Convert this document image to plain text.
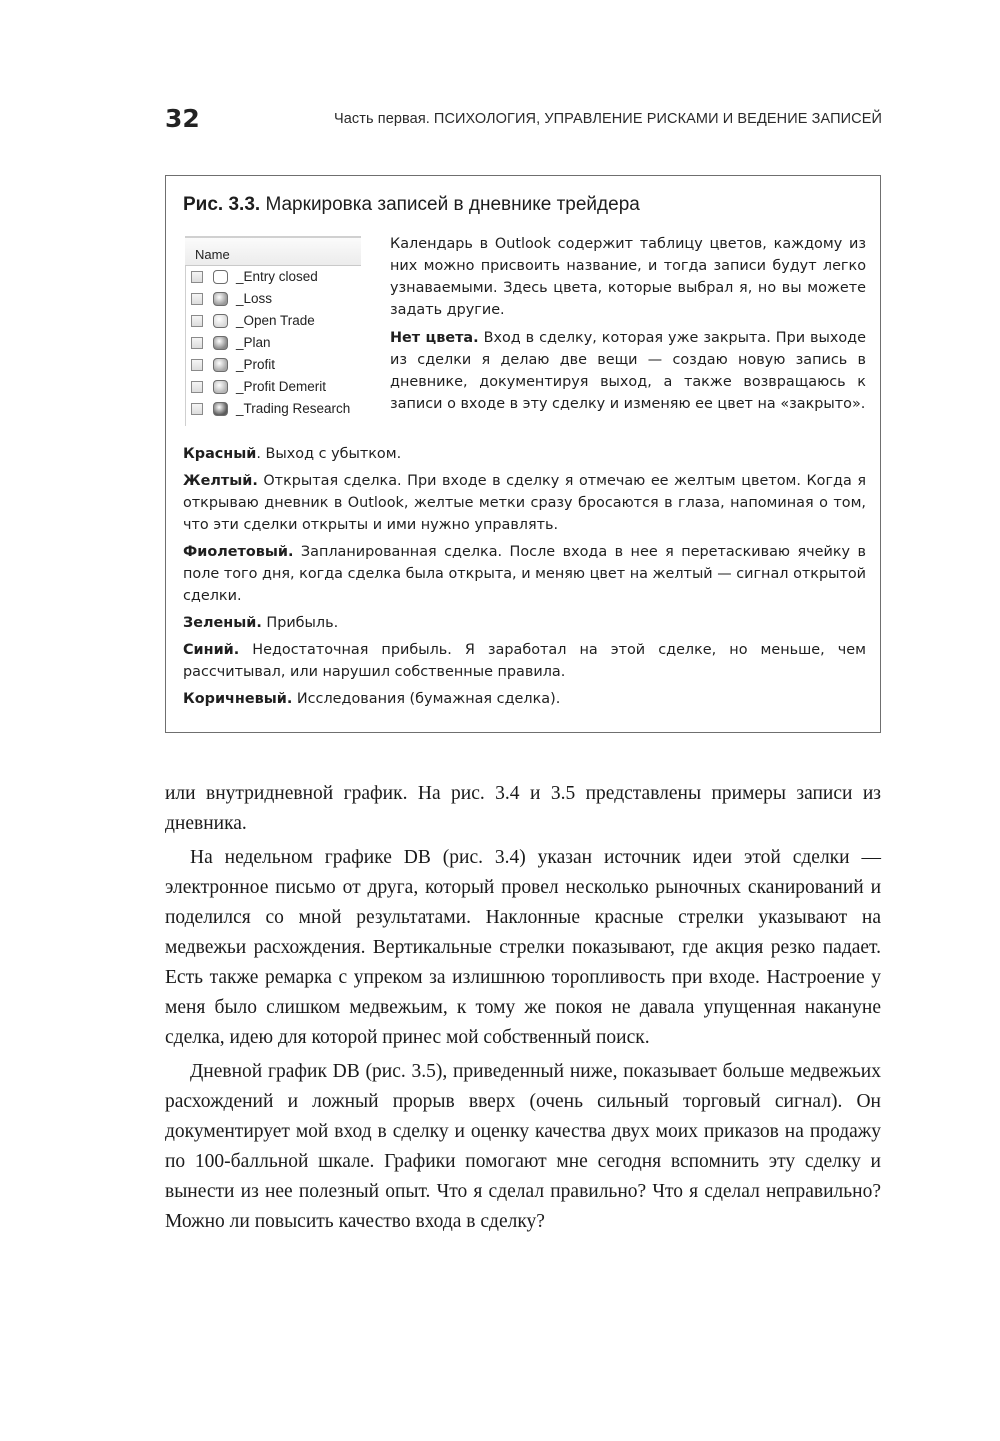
32	Часть первая. ПСИХОЛОГИЯ, УПРАВЛЕНИЕ РИСКАМИ И ВЕДЕНИЕ ЗАПИСЕЙ
Рис. 3.3. Маркировка записей в дневнике трейдера
Name
_Entry closed
_Loss
_Open Trade
_Plan
_Profit
_Profit Demerit
_Trading Research

Календарь в Outlook содержит таблицу цветов, каждому из них можно присвоить название, и тогда записи будут легко узнаваемыми. Здесь цвета, которые выбрал я, но вы можете задать другие.

Нет цвета. Вход в сделку, которая уже закрыта. При выходе из сделки я делаю две вещи — создаю новую запись в дневнике, документируя выход, а также возвращаюсь к записи о входе в эту сделку и изменяю ее цвет на «закрыто».

Красный. Выход с убытком.

Желтый. Открытая сделка. При входе в сделку я отмечаю ее желтым цветом. Когда я открываю дневник в Outlook, желтые метки сразу бросаются в глаза, напоминая о том, что эти сделки открыты и ими нужно управлять.

Фиолетовый. Запланированная сделка. После входа в нее я перетаскиваю ячейку в поле того дня, когда сделка была открыта, и меняю цвет на желтый — сигнал открытой сделки.

Зеленый. Прибыль.

Синий. Недостаточная прибыль. Я заработал на этой сделке, но меньше, чем рассчитывал, или нарушил собственные правила.

Коричневый. Исследования (бумажная сделка).

или внутридневной график. На рис. 3.4 и 3.5 представлены примеры записи из дневника.

На недельном графике DB (рис. 3.4) указан источник идеи этой сделки — электронное письмо от друга, который провел несколько рыночных сканирований и поделился со мной результатами. Наклонные красные стрелки указывают на медвежьи расхождения. Вертикальные стрелки показывают, где акция резко падает. Есть также ремарка с упреком за излишнюю торопливость при входе. Настроение у меня было слишком медвежьим, к тому же покоя не давала упущенная накануне сделка, идею для которой принес мой собственный поиск.

Дневной график DB (рис. 3.5), приведенный ниже, показывает больше медвежьих расхождений и ложный прорыв вверх (очень сильный торговый сигнал). Он документирует мой вход в сделку и оценку качества двух моих приказов на продажу по 100-балльной шкале. Графики помогают мне сегодня вспомнить эту сделку и вынести из нее полезный опыт. Что я сделал правильно? Что я сделал неправильно? Можно ли повысить качество входа в сделку?
